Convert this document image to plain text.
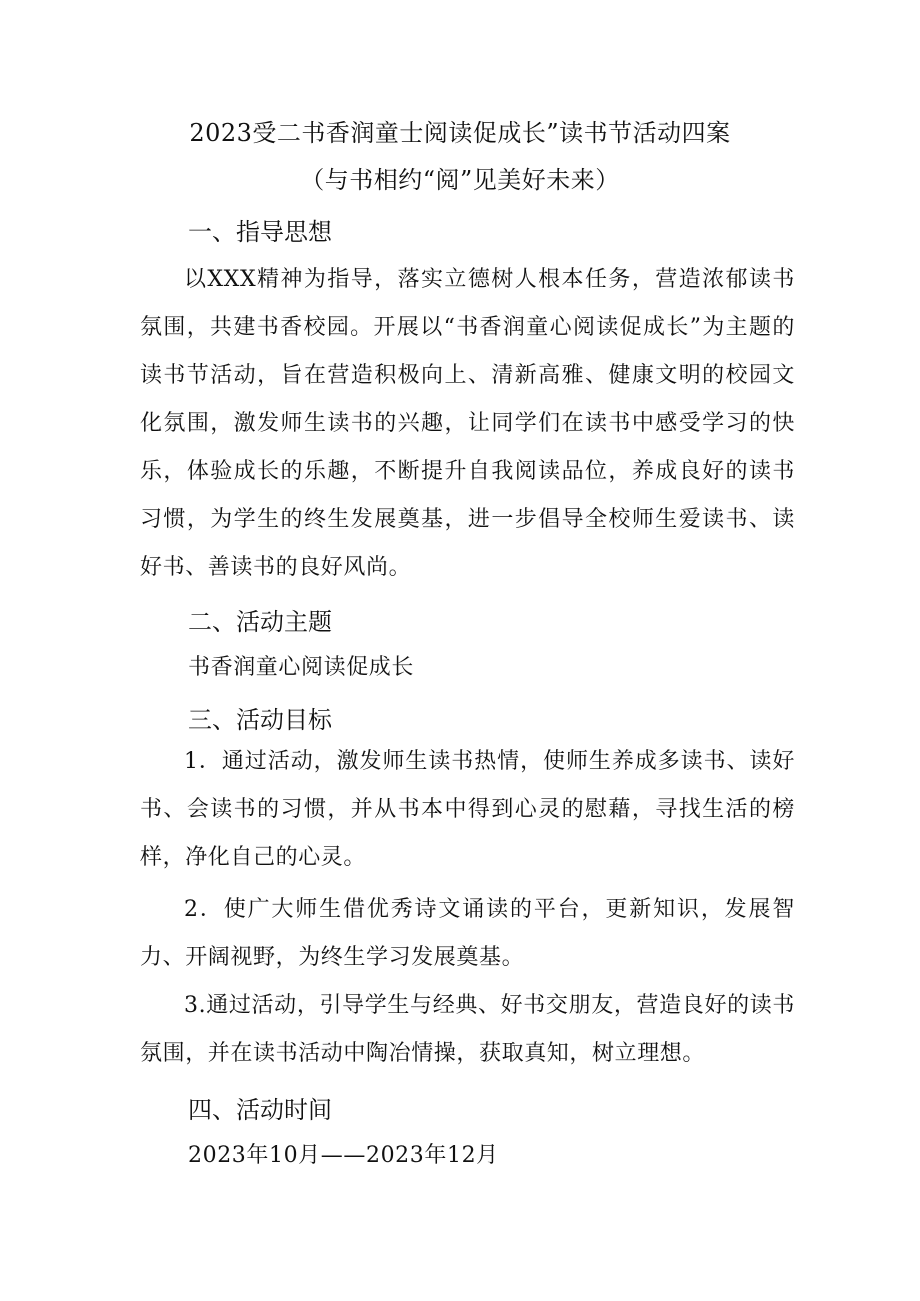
2023受二书香润童士阅读促成长”读书节活动四案
（与书相约“阅”见美好未来）
一、指导思想
以XXX精神为指导，落实立德树人根本任务，营造浓郁读书氛围，共建书香校园。开展以“书香润童心阅读促成长”为主题的读书节活动，旨在营造积极向上、清新高雅、健康文明的校园文化氛围，激发师生读书的兴趣，让同学们在读书中感受学习的快乐，体验成长的乐趣，不断提升自我阅读品位，养成良好的读书习惯，为学生的终生发展奠基，进一步倡导全校师生爱读书、读好书、善读书的良好风尚。
二、活动主题
书香润童心阅读促成长
三、活动目标
1．通过活动，激发师生读书热情，使师生养成多读书、读好书、会读书的习惯，并从书本中得到心灵的慰藉，寻找生活的榜样，净化自己的心灵。
2．使广大师生借优秀诗文诵读的平台，更新知识，发展智力、开阔视野，为终生学习发展奠基。
3.通过活动，引导学生与经典、好书交朋友，营造良好的读书氛围，并在读书活动中陶冶情操，获取真知，树立理想。
四、活动时间
2023年10月——2023年12月
